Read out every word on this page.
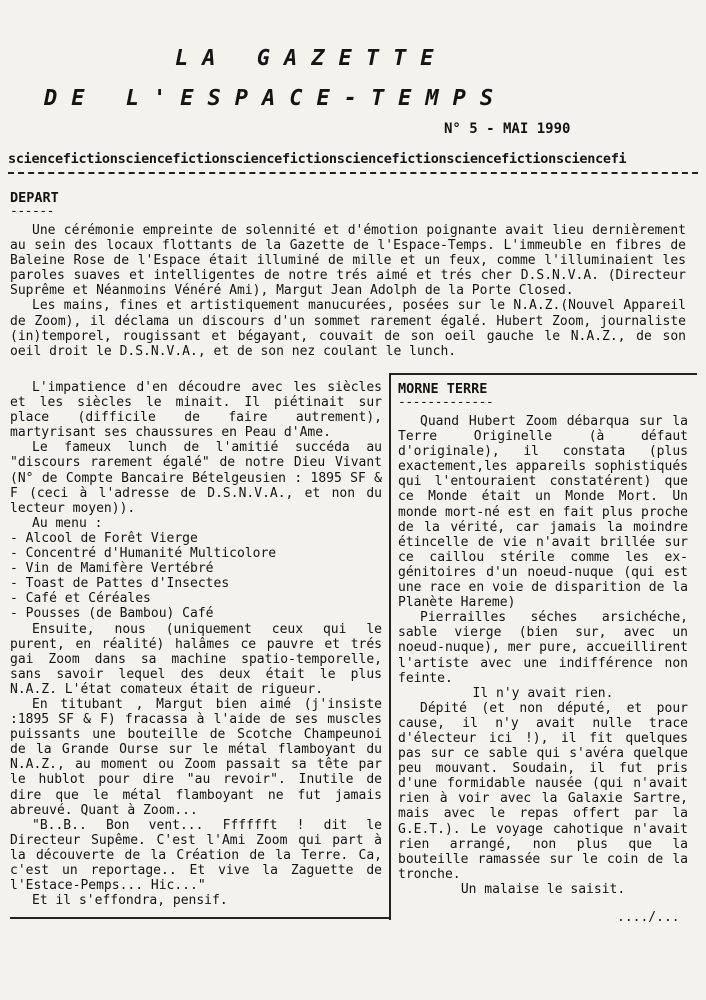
LA GAZETTE
DE L'ESPACE-TEMPS
N° 5 - MAI 1990
sciencefictionsciencefictionsciencefictionsciencefictionsciencefictionsciencefi
DEPART
------

Une cérémonie empreinte de solennité et d'émotion poignante avait lieu dernièrement au sein des locaux flottants de la Gazette de l'Espace-Temps. L'immeuble en fibres de Baleine Rose de l'Espace était illuminé de mille et un feux, comme l'illuminaient les paroles suaves et intelligentes de notre trés aimé et trés cher D.S.N.V.A. (Directeur Suprême et Néanmoins Vénéré Ami), Margut Jean Adolph de la Porte Closed.

Les mains, fines et artistiquement manucurées, posées sur le N.A.Z.(Nouvel Appareil de Zoom), il déclama un discours d'un sommet rarement égalé. Hubert Zoom, journaliste (in)temporel, rougissant et bégayant, couvait de son oeil gauche le N.A.Z., de son oeil droit le D.S.N.V.A., et de son nez coulant le lunch.

L'impatience d'en découdre avec les siècles et les siècles le minait. Il piétinait sur place (difficile de faire autrement), martyrisant ses chaussures en Peau d'Ame.

Le fameux lunch de l'amitié succéda au "discours rarement égalé" de notre Dieu Vivant (N° de Compte Bancaire Bételgeusien : 1895 SF & F (ceci à l'adresse de D.S.N.V.A., et non du lecteur moyen)).

Au menu :

- Alcool de Forêt Vierge
- Concentré d'Humanité Multicolore
- Vin de Mamifère Vertébré
- Toast de Pattes d'Insectes
- Café et Céréales
- Pousses (de Bambou) Café

Ensuite, nous (uniquement ceux qui le purent, en réalité) halâmes ce pauvre et trés gai Zoom dans sa machine spatio-temporelle, sans savoir lequel des deux était le plus N.A.Z. L'état comateux était de rigueur.

En titubant , Margut bien aimé (j'insiste :1895 SF & F) fracassa à l'aide de ses muscles puissants une bouteille de Scotche Champeunoi de la Grande Ourse sur le métal flamboyant du N.A.Z., au moment ou Zoom passait sa tête par le hublot pour dire "au revoir". Inutile de dire que le métal flamboyant ne fut jamais abreuvé. Quant à Zoom...

"B..B.. Bon vent... Fffffft ! dit le Directeur Supême. C'est l'Ami Zoom qui part à la découverte de la Création de la Terre. Ca, c'est un reportage.. Et vive la Zaguette de l'Estace-Pemps... Hic..."

Et il s'effondra, pensif.

MORNE TERRE
-------------

Quand Hubert Zoom débarqua sur la Terre Originelle (à défaut d'originale), il constata (plus exactement,les appareils sophistiqués qui l'entouraient constatérent) que ce Monde était un Monde Mort. Un monde mort-né est en fait plus proche de la vérité, car jamais la moindre étincelle de vie n'avait brillée sur ce caillou stérile comme les ex-génitoires d'un noeud-nuque (qui est une race en voie de disparition de la Planète Hareme)

Pierrailles séches arsichéche, sable vierge (bien sur, avec un noeud-nuque), mer pure, accueillirent l'artiste avec une indifférence non feinte.

Il n'y avait rien.

Dépité (et non député, et pour cause, il n'y avait nulle trace d'électeur ici !), il fit quelques pas sur ce sable qui s'avéra quelque peu mouvant. Soudain, il fut pris d'une formidable nausée (qui n'avait rien à voir avec la Galaxie Sartre, mais avec le repas offert par la G.E.T.). Le voyage cahotique n'avait rien arrangé, non plus que la bouteille ramassée sur le coin de la tronche.

Un malaise le saisit.

..../...
